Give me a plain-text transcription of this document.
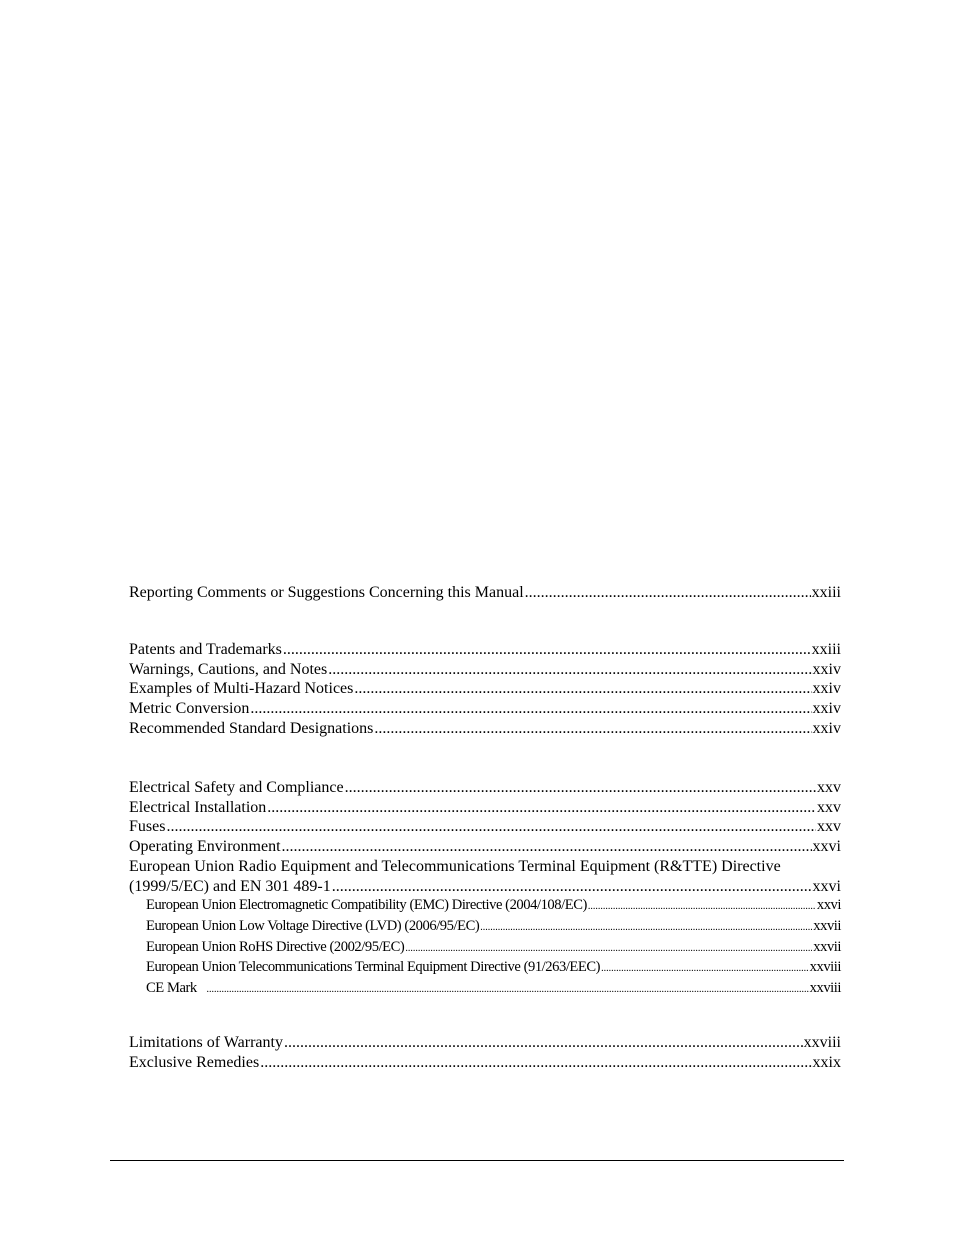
Reporting Comments or Suggestions Concerning this Manual .....	xxiii
Patents and Trademarks .....	xxiii
Warnings, Cautions, and Notes .....	xxiv
Examples of Multi-Hazard Notices .....	xxiv
Metric Conversion .....	xxiv
Recommended Standard Designations .....	xxiv
Electrical Safety and Compliance .....	xxv
Electrical Installation .....	xxv
Fuses .....	xxv
Operating Environment .....	xxvi
European Union Radio Equipment and Telecommunications Terminal Equipment (R&TTE) Directive
(1999/5/EC) and EN 301 489-1 .....	xxvi
European Union Electromagnetic Compatibility (EMC) Directive (2004/108/EC) .....	xxvi
European Union Low Voltage Directive (LVD) (2006/95/EC) .....	xxvii
European Union RoHS Directive (2002/95/EC) .....	xxvii
European Union Telecommunications Terminal Equipment Directive (91/263/EEC) .....	xxviii
CE Mark .....	xxviii
Limitations of Warranty .....	xxviii
Exclusive Remedies .....	xxix
